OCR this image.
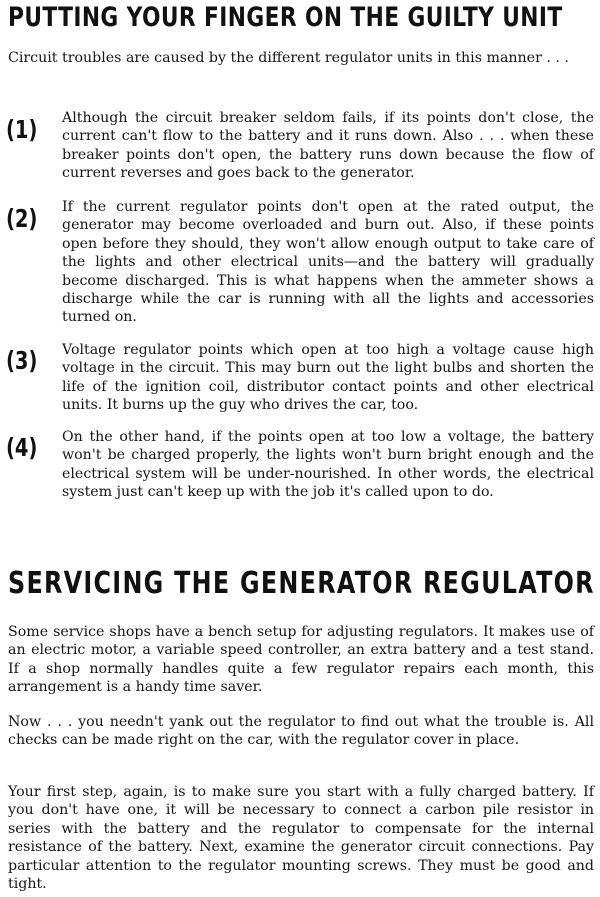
PUTTING YOUR FINGER ON THE GUILTY UNIT

Circuit troubles are caused by the different regulator units in this manner . . .

(1) Although the circuit breaker seldom fails, if its points don't close, the current can't flow to the battery and it runs down. Also . . . when these breaker points don't open, the battery runs down because the flow of current reverses and goes back to the generator.

(2) If the current regulator points don't open at the rated output, the generator may become overloaded and burn out. Also, if these points open before they should, they won't allow enough output to take care of the lights and other electrical units—and the battery will gradually become discharged. This is what happens when the ammeter shows a discharge while the car is running with all the lights and accessories turned on.

(3) Voltage regulator points which open at too high a voltage cause high voltage in the circuit. This may burn out the light bulbs and shorten the life of the ignition coil, distributor contact points and other electrical units. It burns up the guy who drives the car, too.

(4) On the other hand, if the points open at too low a voltage, the battery won't be charged properly, the lights won't burn bright enough and the electrical system will be under-nourished. In other words, the electrical system just can't keep up with the job it's called upon to do.

SERVICING THE GENERATOR REGULATOR

Some service shops have a bench setup for adjusting regulators. It makes use of an electric motor, a variable speed controller, an extra battery and a test stand. If a shop normally handles quite a few regulator repairs each month, this arrangement is a handy time saver.

Now . . . you needn't yank out the regulator to find out what the trouble is. All checks can be made right on the car, with the regulator cover in place.

Your first step, again, is to make sure you start with a fully charged battery. If you don't have one, it will be necessary to connect a carbon pile resistor in series with the battery and the regulator to compensate for the internal resistance of the battery. Next, examine the generator circuit connections. Pay particular attention to the regulator mounting screws. They must be good and tight.
